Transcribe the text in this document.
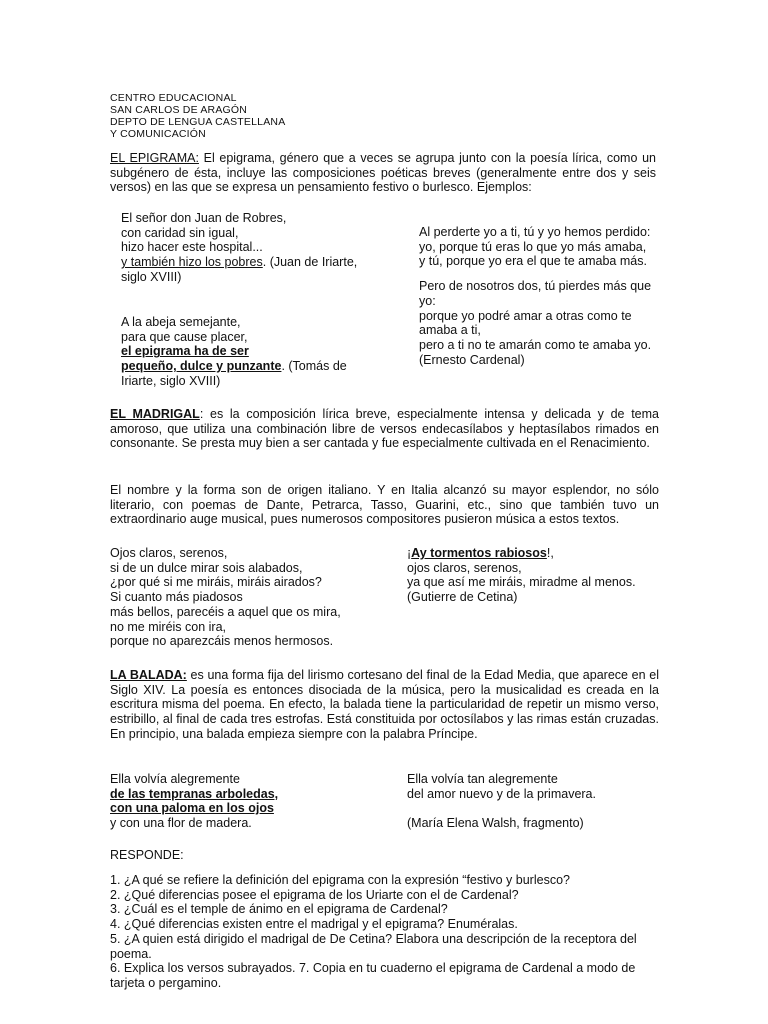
CENTRO EDUCACIONAL
SAN CARLOS DE ARAGÓN
DEPTO DE LENGUA CASTELLANA
Y COMUNICACIÓN
EL EPIGRAMA: El epigrama, género que a veces se agrupa junto con la poesía lírica, como un subgénero de ésta, incluye las composiciones poéticas breves (generalmente entre dos y seis versos) en las que se expresa un pensamiento festivo o burlesco. Ejemplos:
El señor don Juan de Robres,
con caridad sin igual,
hizo hacer este hospital...
y también hizo los pobres. (Juan de Iriarte, siglo XVIII)
A la abeja semejante,
para que cause placer,
el epigrama ha de ser
pequeño, dulce y punzante. (Tomás de Iriarte, siglo XVIII)
Al perderte yo a ti, tú y yo hemos perdido:
yo, porque tú eras lo que yo más amaba,
y tú, porque yo era el que te amaba más.
Pero de nosotros dos, tú pierdes más que yo:
porque yo podré amar a otras como te amaba a ti,
pero a ti no te amarán como te amaba yo.
(Ernesto Cardenal)
EL MADRIGAL: es la composición lírica breve, especialmente intensa y delicada y de tema amoroso, que utiliza una combinación libre de versos endecasílabos y heptasílabos rimados en consonante. Se presta muy bien a ser cantada y fue especialmente cultivada en el Renacimiento.
El nombre y la forma son de origen italiano. Y en Italia alcanzó su mayor esplendor, no sólo literario, con poemas de Dante, Petrarca, Tasso, Guarini, etc., sino que también tuvo un extraordinario auge musical, pues numerosos compositores pusieron música a estos textos.
Ojos claros, serenos,
si de un dulce mirar sois alabados,
¿por qué si me miráis, miráis airados?
Si cuanto más piadosos
más bellos, parecéis a aquel que os mira,
no me miréis con ira,
porque no aparezcáis menos hermosos.
¡Ay tormentos rabiosos!,
ojos claros, serenos,
ya que así me miráis, miradme al menos.
(Gutierre de Cetina)
LA BALADA: es una forma fija del lirismo cortesano del final de la Edad Media, que aparece en el Siglo XIV. La poesía es entonces disociada de la música, pero la musicalidad es creada en la escritura misma del poema. En efecto, la balada tiene la particularidad de repetir un mismo verso, estribillo, al final de cada tres estrofas. Está constituida por octosílabos y las rimas están cruzadas. En principio, una balada empieza siempre con la palabra Príncipe.
Ella volvía alegremente
de las tempranas arboledas,
con una paloma en los ojos
y con una flor de madera.
Ella volvía tan alegremente
del amor nuevo y de la primavera.
(María Elena Walsh, fragmento)
RESPONDE:
1. ¿A qué se refiere la definición del epigrama con la expresión “festivo y burlesco?
2. ¿Qué diferencias posee el epigrama de los Uriarte con el de Cardenal?
3. ¿Cuál es el temple de ánimo en el epigrama de Cardenal?
4. ¿Qué diferencias existen entre el madrigal y el epigrama? Enuméralas.
5. ¿A quien está dirigido el madrigal de De Cetina? Elabora una descripción de la receptora del poema.
6. Explica los versos subrayados. 7. Copia en tu cuaderno el epigrama de Cardenal a modo de tarjeta o pergamino.
